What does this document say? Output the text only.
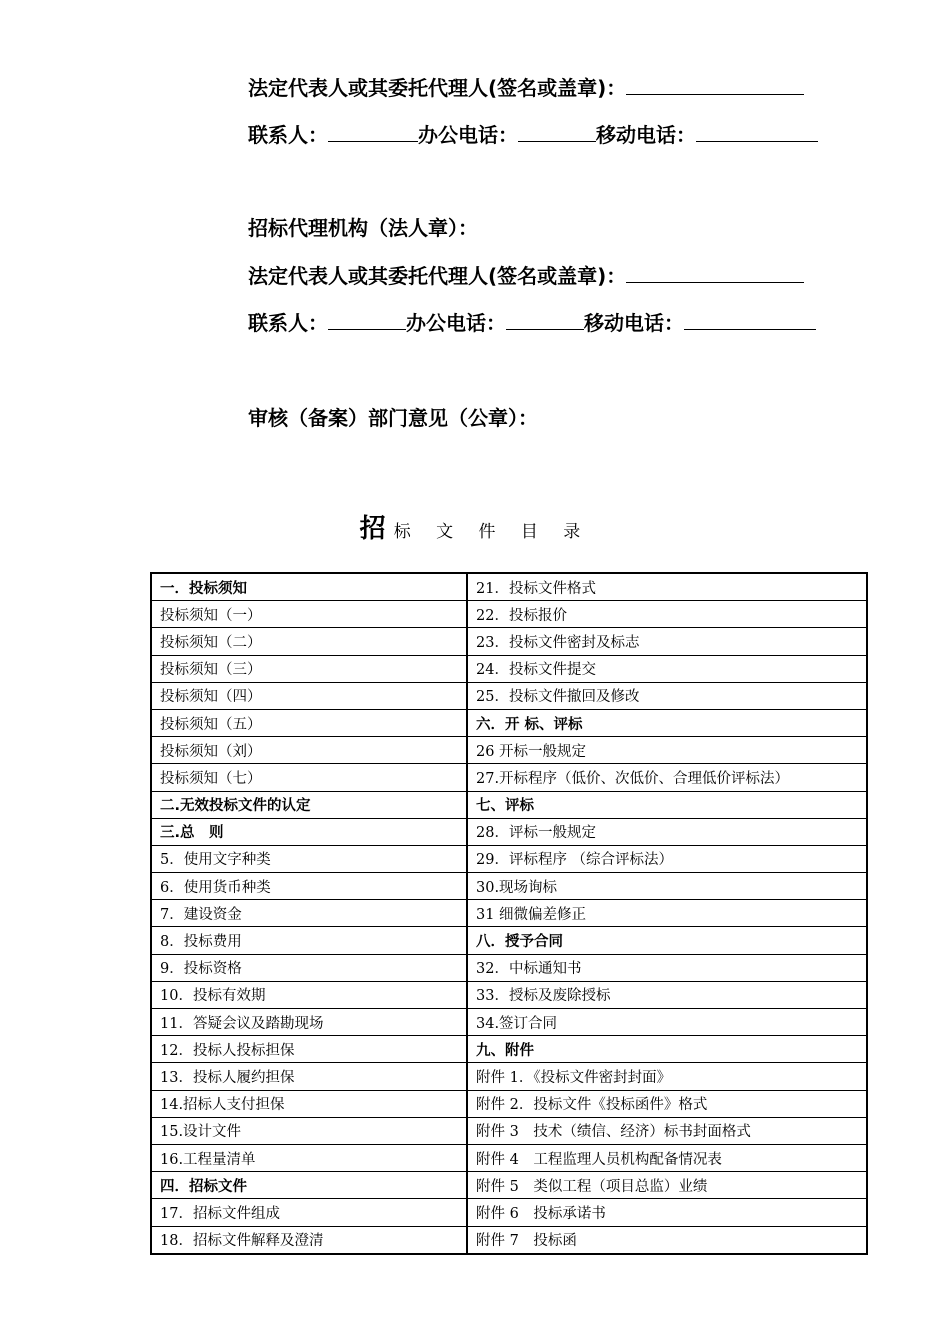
法定代表人或其委托代理人(签名或盖章)：
联系人：	办公电话：	移动电话：
招标代理机构（法人章）：
法定代表人或其委托代理人(签名或盖章)：
联系人：	办公电话：	移动电话：
审核（备案）部门意见（公章）：
招标 文 件 目 录
一．投标须知	21．投标文件格式
投标须知（一）	22．投标报价
投标须知（二）	23．投标文件密封及标志
投标须知（三）	24．投标文件提交
投标须知（四）	25．投标文件撤回及修改
投标须知（五）	六．开 标、评标
投标须知（刘）	26 开标一般规定
投标须知（七）	27.开标程序（低价、次低价、合理低价评标法）
二.无效投标文件的认定	七、评标
三.总　则	28．评标一般规定
5．使用文字种类	29．评标程序 （综合评标法）
6．使用货币种类	30.现场询标
7．建设资金	31 细微偏差修正
8．投标费用	八．授予合同
9．投标资格	32．中标通知书
10．投标有效期	33．授标及废除授标
11．答疑会议及踏勘现场	34.签订合同
12．投标人投标担保	九、附件
13．投标人履约担保	附件 1．《投标文件密封封面》
14.招标人支付担保	附件 2．投标文件《投标函件》格式
15.设计文件	附件 3　技术（绩信、经济）标书封面格式
16.工程量清单	附件 4　工程监理人员机构配备情况表
四．招标文件	附件 5　类似工程（项目总监）业绩
17．招标文件组成	附件 6　投标承诺书
18．招标文件解释及澄清	附件 7　投标函
